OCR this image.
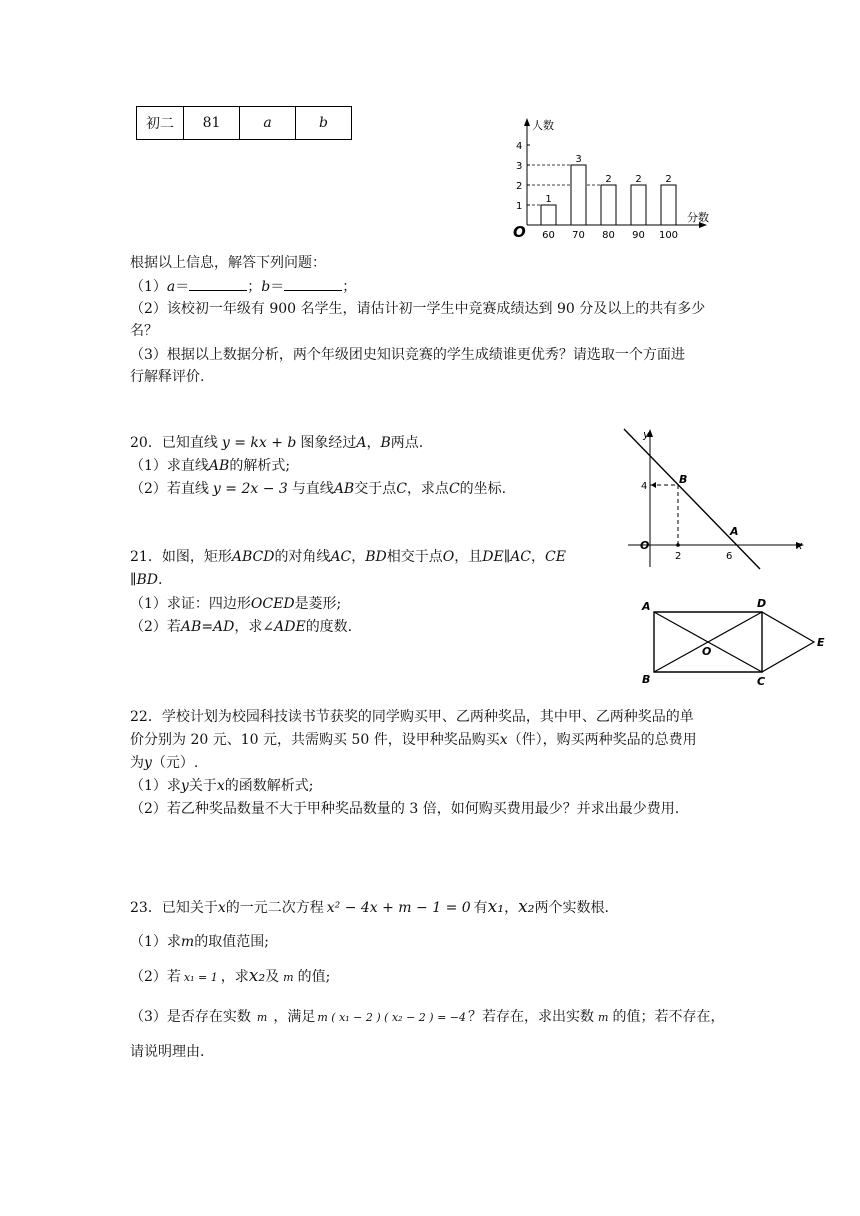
初二	81	a	b	人数
分数
O
1
2
3
4
1
60
3
70
2
80
2
90
2
100
根据以上信息，解答下列问题：
（1）a＝	；b＝	；
（2）该校初一年级有 900 名学生，请估计初一学生中竞赛成绩达到 90 分及以上的共有多少
名？
（3）根据以上数据分析，两个年级团史知识竞赛的学生成绩谁更优秀？请选取一个方面进
行解释评价.
20．已知直线 y = kx + b 图象经过A，B两点.
（1）求直线AB的解析式;
（2）若直线 y = 2x − 3 与直线AB交于点C，求点C的坐标.
y
x
O
B
A
4
2	6
21．如图，矩形ABCD的对角线AC，BD相交于点O，且DE∥AC，CE
∥BD.
（1）求证：四边形OCED是菱形;
（2）若AB=AD，求∠ADE的度数.
A	D
B	C
E
O
22．学校计划为校园科技读书节获奖的同学购买甲、乙两种奖品，其中甲、乙两种奖品的单
价分别为 20 元、10 元，共需购买 50 件，设甲种奖品购买x（件），购买两种奖品的总费用
为y（元）.
（1）求y关于x的函数解析式;
（2）若乙种奖品数量不大于甲种奖品数量的 3 倍，如何购买费用最少？并求出最少费用.
23．已知关于x的一元二次方程 x² − 4x + m − 1 = 0 有x₁，x₂两个实数根.
（1）求m的取值范围;
（2）若 x₁ = 1 ，求x₂及 m 的值;
（3）是否存在实数 m ，满足 m ( x₁ − 2 ) ( x₂ − 2 ) = −4 ？若存在，求出实数 m 的值；若不存在，
请说明理由.
